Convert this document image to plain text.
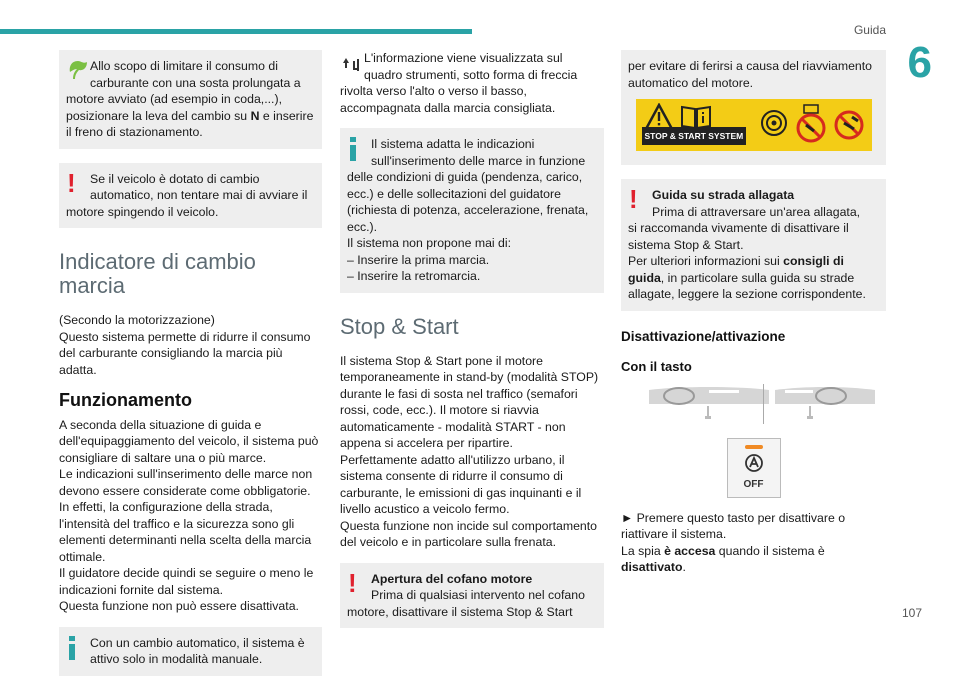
Guida
6
107

Allo scopo di limitare il consumo di

carburante con una sosta prolungata a

motore avviato (ad esempio in coda,...), posizionare la leva del cambio su N e inserire il freno di stazionamento.

!	Se il veicolo è dotato di cambio

automatico, non tentare mai di avviare il

motore spingendo il veicolo.

Indicatore di cambio marcia

(Secondo la motorizzazione)
Questo sistema permette di ridurre il consumo del carburante consigliando la marcia più adatta.

Funzionamento

A seconda della situazione di guida e dell'equipaggiamento del veicolo, il sistema può consigliare di saltare una o più marce.
Le indicazioni sull'inserimento delle marce non devono essere considerate come obbligatorie. In effetti, la configurazione della strada, l'intensità del traffico e la sicurezza sono gli elementi determinanti nella scelta della marcia ottimale.
Il guidatore decide quindi se seguire o meno le indicazioni fornite dal sistema.
Questa funzione non può essere disattivata.

Con un cambio automatico, il sistema è

attivo solo in modalità manuale.

L'informazione viene visualizzata sul

quadro strumenti, sotto forma di freccia

rivolta verso l'alto o verso il basso, accompagnata dalla marcia consigliata.

Il sistema adatta le indicazioni

sull'inserimento delle marce in funzione

delle condizioni di guida (pendenza, carico, ecc.) e delle sollecitazioni del guidatore (richiesta di potenza, accelerazione, frenata, ecc.).
Il sistema non propone mai di:
– Inserire la prima marcia.
– Inserire la retromarcia.

Stop & Start

Il sistema Stop & Start pone il motore temporaneamente in stand-by (modalità STOP) durante le fasi di sosta nel traffico (semafori rossi, code, ecc.). Il motore si riavvia automaticamente - modalità START - non appena si accelera per ripartire.
Perfettamente adatto all'utilizzo urbano, il sistema consente di ridurre il consumo di carburante, le emissioni di gas inquinanti e il livello acustico a veicolo fermo.
Questa funzione non incide sul comportamento del veicolo e in particolare sulla frenata.

!	Apertura del cofano motore

Prima di qualsiasi intervento nel cofano

motore, disattivare il sistema Stop & Start

per evitare di ferirsi a causa del riavviamento automatico del motore.

STOP & START SYSTEM
!	Guida su strada allagata

Prima di attraversare un'area allagata,

si raccomanda vivamente di disattivare il sistema Stop & Start.
Per ulteriori informazioni sui consigli di guida, in particolare sulla guida su strade allagate, leggere la sezione corrispondente.

Disattivazione/attivazione
Con il tasto
OFF

► Premere questo tasto per disattivare o riattivare il sistema.

La spia è accesa quando il sistema è disattivato.
